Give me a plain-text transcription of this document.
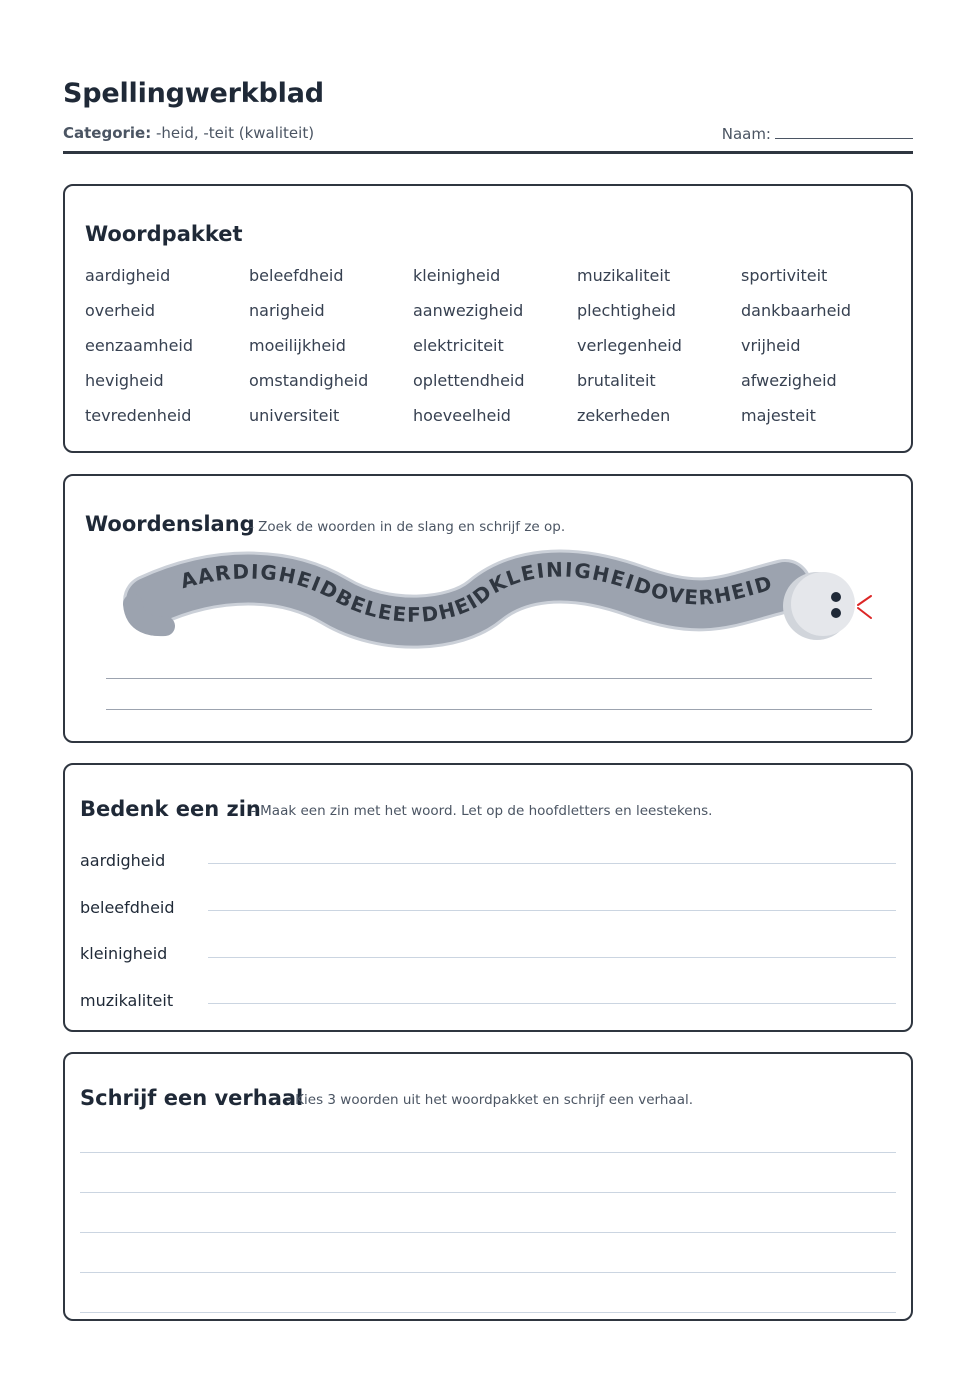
Spellingwerkblad
Categorie: -heid, -teit (kwaliteit)	Naam:
Woordpakket
aardigheid	beleefdheid	kleinigheid	muzikaliteit	sportiviteit
overheid	narigheid	aanwezigheid	plechtigheid	dankbaarheid
eenzaamheid	moeilijkheid	elektriciteit	verlegenheid	vrijheid
hevigheid	omstandigheid	oplettendheid	brutaliteit	afwezigheid
tevredenheid	universiteit	hoeveelheid	zekerheden	majesteit
Woordenslang
- Zoek de woorden in de slang en schrijf ze op.
AARDIGHEIDBELEEFDHEIDKLEINIGHEIDOVERHEID
Bedenk een zin
- Maak een zin met het woord. Let op de hoofdletters en leestekens.
aardigheid
beleefdheid
kleinigheid
muzikaliteit
Schrijf een verhaal
- Kies 3 woorden uit het woordpakket en schrijf een verhaal.
